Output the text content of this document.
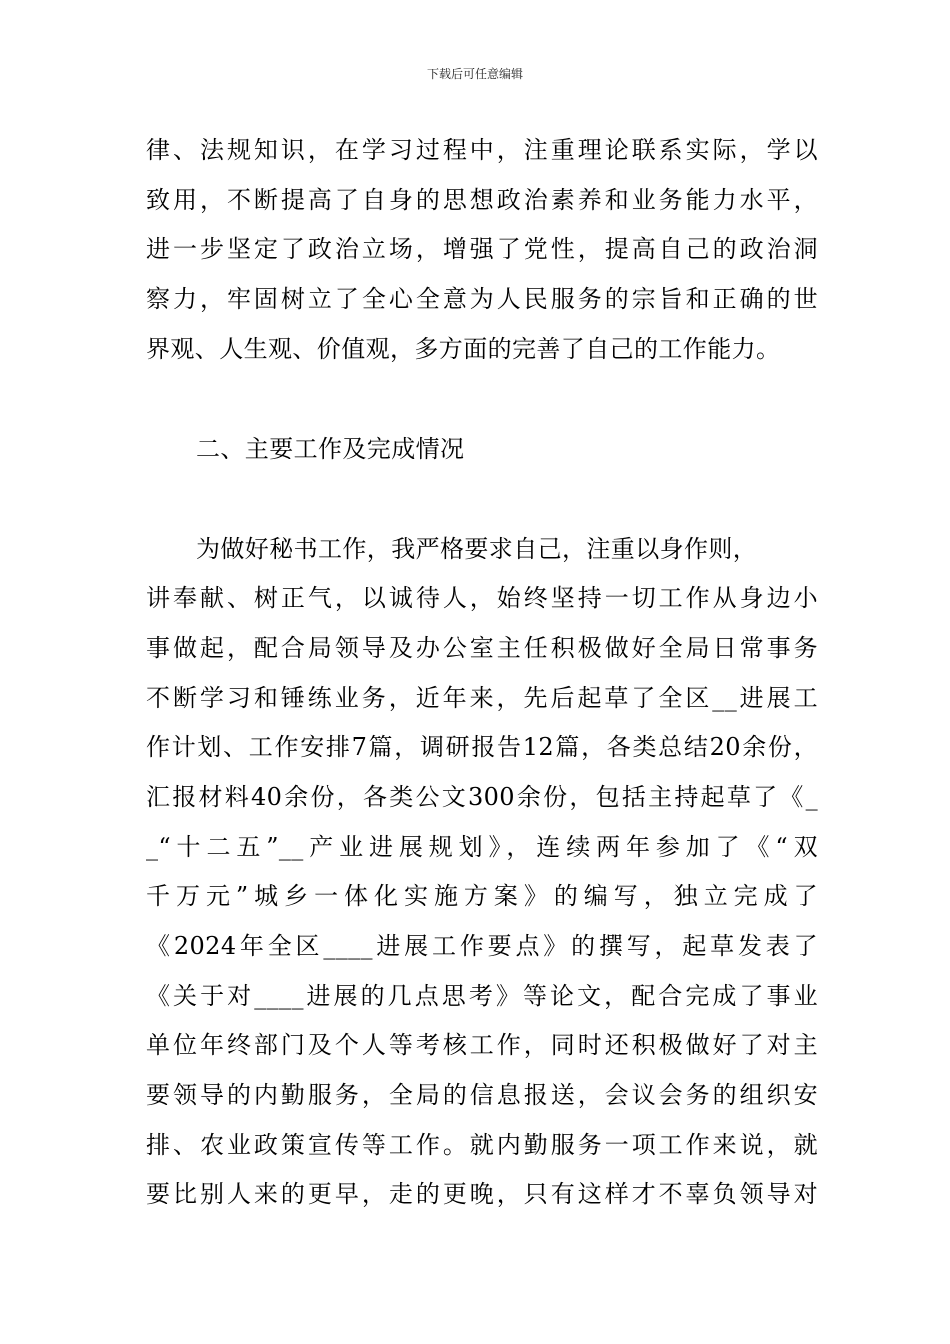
下载后可任意编辑
律、法规知识，在学习过程中，注重理论联系实际，学以
致用，不断提高了自身的思想政治素养和业务能力水平，
进一步坚定了政治立场，增强了党性，提高自己的政治洞
察力，牢固树立了全心全意为人民服务的宗旨和正确的世
界观、人生观、价值观，多方面的完善了自己的工作能力。
二、主要工作及完成情况
为做好秘书工作，我严格要求自己，注重以身作则，
讲奉献、树正气，以诚待人，始终坚持一切工作从身边小
事做起，配合局领导及办公室主任积极做好全局日常事务
不断学习和锤练业务，近年来，先后起草了全区__进展工
作计划、工作安排7篇，调研报告12篇，各类总结20余份，
汇报材料40余份，各类公文300余份，包括主持起草了《_
_“十二五”__产业进展规划》，连续两年参加了《“双
千万元”城乡一体化实施方案》的编写，独立完成了
《2024年全区____进展工作要点》的撰写，起草发表了
《关于对____进展的几点思考》等论文，配合完成了事业
单位年终部门及个人等考核工作，同时还积极做好了对主
要领导的内勤服务，全局的信息报送，会议会务的组织安
排、农业政策宣传等工作。就内勤服务一项工作来说，就
要比别人来的更早，走的更晚，只有这样才不辜负领导对
